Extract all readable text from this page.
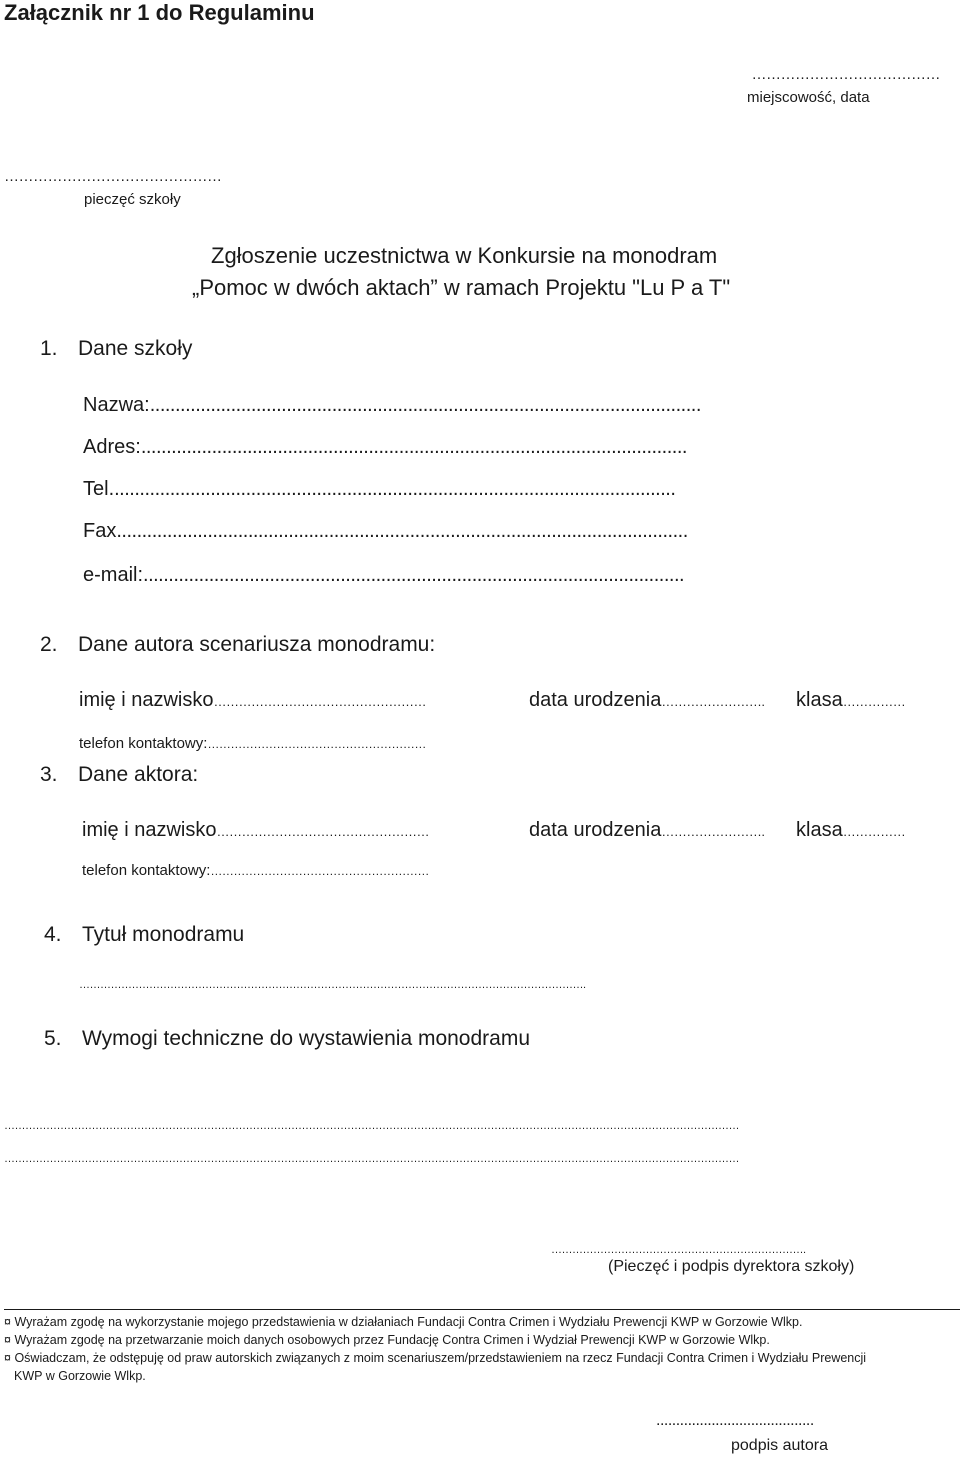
Załącznik nr 1 do Regulaminu
…………………………………
miejscowość, data
………………………………………
pieczęć szkoły
Zgłoszenie uczestnictwa w Konkursie na monodram
„Pomoc w dwóch aktach” w ramach Projektu "Lu P a T"
1. Dane szkoły
Nazwa:.............................................................................................................
Adres:............................................................................................................
Tel................................................................................................................
Fax.................................................................................................................
e-mail:...........................................................................................................
2. Dane autora scenariusza monodramu:
imię i nazwisko……………………………………………	data urodzenia……………………. klasa……………
telefon kontaktowy:…………………………………………………
3. Dane aktora:
imię i nazwisko……………………………………………	data urodzenia……………………. klasa……………
telefon kontaktowy:…………………………………………………
4. Tytuł monodramu
……………………………………………………………………………………………………………………………….
5. Wymogi techniczne do wystawienia monodramu
…………………………………………………………………………………………………………………………………………………………………………………………
…………………………………………………………………………………………………………………………………………………………………………………………
……………………………………………………………….
(Pieczęć i podpis dyrektora szkoły)
¤ Wyrażam zgodę na wykorzystanie mojego przedstawienia w działaniach Fundacji Contra Crimen i Wydziału Prewencji KWP w Gorzowie Wlkp.
¤ Wyrażam zgodę na przetwarzanie moich danych osobowych przez Fundację Contra Crimen i Wydział Prewencji KWP w Gorzowie Wlkp.
¤ Oświadczam, że odstępuję od praw autorskich związanych z moim scenariuszem/przedstawieniem na rzecz Fundacji Contra Crimen i Wydziału Prewencji
KWP w Gorzowie Wlkp.
........................................
podpis autora
